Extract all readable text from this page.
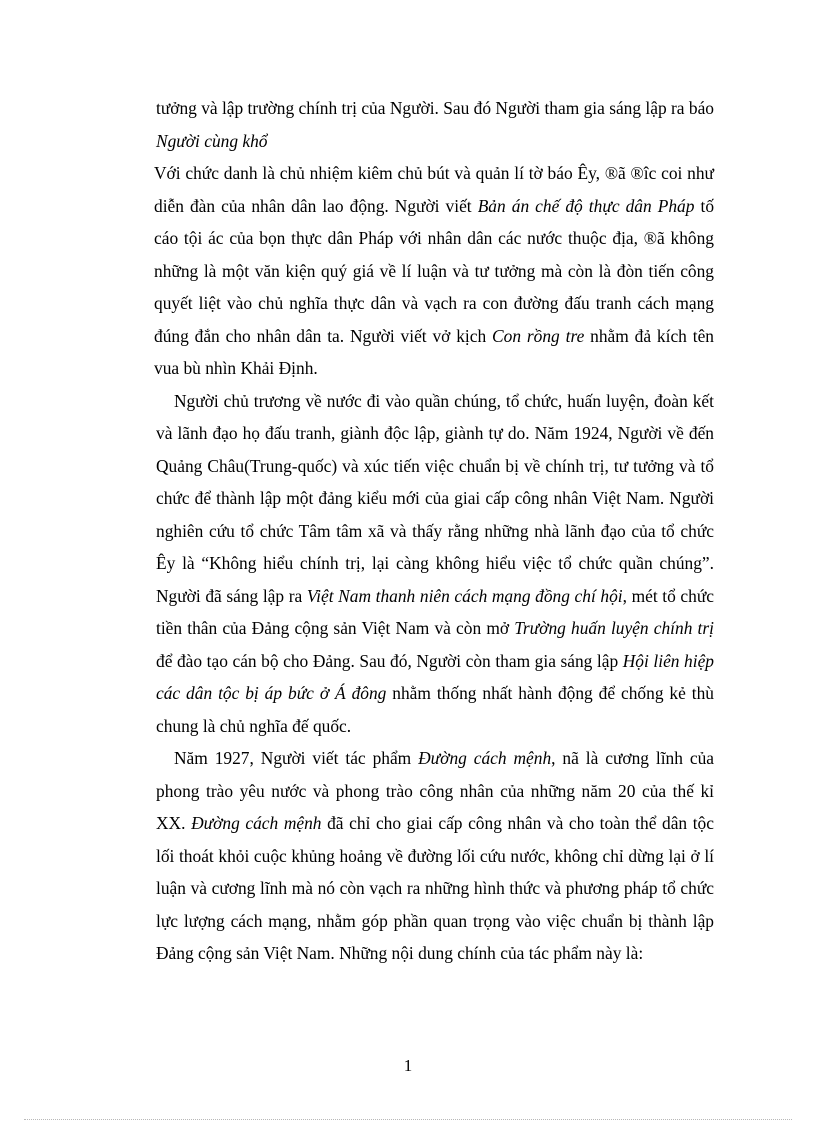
tưởng và lập trường chính trị của Người. Sau đó Người tham gia sáng lập ra báo Người cùng khổ

Với chức danh là chủ nhiệm kiêm chủ bút và quản lí tờ báo Êy, ®ã ®îc coi như diễn đàn của nhân dân lao động. Người viết Bản án chế độ thực dân Pháp tố cáo tội ác của bọn thực dân Pháp với nhân dân các nước thuộc địa, ®ã không những là một văn kiện quý giá về lí luận và tư tưởng mà còn là đòn tiến công quyết liệt vào chủ nghĩa thực dân và vạch ra con đường đấu tranh cách mạng đúng đắn cho nhân dân ta. Người viết vở kịch Con rồng tre nhằm đả kích tên vua bù nhìn Khải Định.

Người chủ trương về nước đi vào quần chúng, tổ chức, huấn luyện, đoàn kết và lãnh đạo họ đấu tranh, giành độc lập, giành tự do. Năm 1924, Người về đến Quảng Châu(Trung-quốc) và xúc tiến việc chuẩn bị về chính trị, tư tưởng và tổ chức để thành lập một đảng kiểu mới của giai cấp công nhân Việt Nam. Người nghiên cứu tổ chức Tâm tâm xã và thấy rằng những nhà lãnh đạo của tổ chức Êy là “Không hiểu chính trị, lại càng không hiểu việc tổ chức quần chúng”. Người đã sáng lập ra Việt Nam thanh niên cách mạng đồng chí hội, mét tổ chức tiền thân của Đảng cộng sản Việt Nam và còn mở Trường huấn luyện chính trị để đào tạo cán bộ cho Đảng. Sau đó, Người còn tham gia sáng lập Hội liên hiệp các dân tộc bị áp bức ở Á đông nhằm thống nhất hành động để chống kẻ thù chung là chủ nghĩa đế quốc.

Năm 1927, Người viết tác phẩm Đường cách mệnh, nã là cương lĩnh của phong trào yêu nước và phong trào công nhân của những năm 20 của thế kỉ XX. Đường cách mệnh đã chỉ cho giai cấp công nhân và cho toàn thể dân tộc lối thoát khỏi cuộc khủng hoảng về đường lối cứu nước, không chỉ dừng lại ở lí luận và cương lĩnh mà nó còn vạch ra những hình thức và phương pháp tổ chức lực lượng cách mạng, nhằm góp phần quan trọng vào việc chuẩn bị thành lập Đảng cộng sản Việt Nam. Những nội dung chính của tác phẩm này là:

1
